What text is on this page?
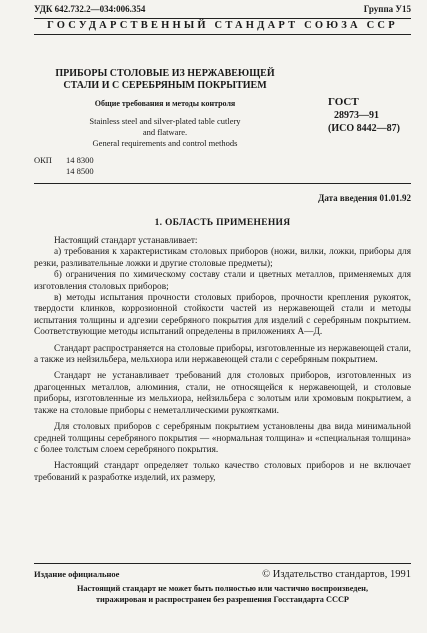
УДК 642.732.2—034:006.354	Группа У15
ГОСУДАРСТВЕННЫЙ СТАНДАРТ СОЮЗА ССР
ПРИБОРЫ СТОЛОВЫЕ ИЗ НЕРЖАВЕЮЩЕЙ
СТАЛИ И С СЕРЕБРЯНЫМ ПОКРЫТИЕМ
Общие требования и методы контроля
Stainless steel and silver-plated table cutlery
and flatware.
General requirements and control methods
ГОСТ
28973—91
(ИСО 8442—87)
ОКП 14 8300
14 8500
Дата введения 01.01.92
1. ОБЛАСТЬ ПРИМЕНЕНИЯ

Настоящий стандарт устанавливает:

а) требования к характеристикам столовых приборов (ножи, вилки, ложки, приборы для резки, разливательные ложки и другие столовые предметы);

б) ограничения по химическому составу стали и цветных металлов, применяемых для изготовления столовых приборов;

в) методы испытания прочности столовых приборов, прочности крепления рукояток, твердости клинков, коррозионной стойкости частей из нержавеющей стали и методы испытания толщины и адгезии серебряного покрытия для изделий с серебряным покрытием. Соответствующие методы испытаний определены в приложениях А—Д.

Стандарт распространяется на столовые приборы, изготовленные из нержавеющей стали, а также из нейзильбера, мельхиора или нержавеющей стали с серебряным покрытием.

Стандарт не устанавливает требований для столовых приборов, изготовленных из драгоценных металлов, алюминия, стали, не относящейся к нержавеющей, и столовые приборы, изготовленные из мельхиора, нейзильбера с золотым или хромовым покрытием, а также на столовые приборы с неметаллическими рукоятками.

Для столовых приборов с серебряным покрытием установлены два вида минимальной средней толщины серебряного покрытия — «нормальная толщина» и «специальная толщина» с более толстым слоем серебряного покрытия.

Настоящий стандарт определяет только качество столовых приборов и не включает требований к разработке изделий, их размеру,

Издание официальное	© Издательство стандартов, 1991
Настоящий стандарт не может быть полностью или частично воспроизведен,
тиражирован и распространен без разрешения Госстандарта СССР
